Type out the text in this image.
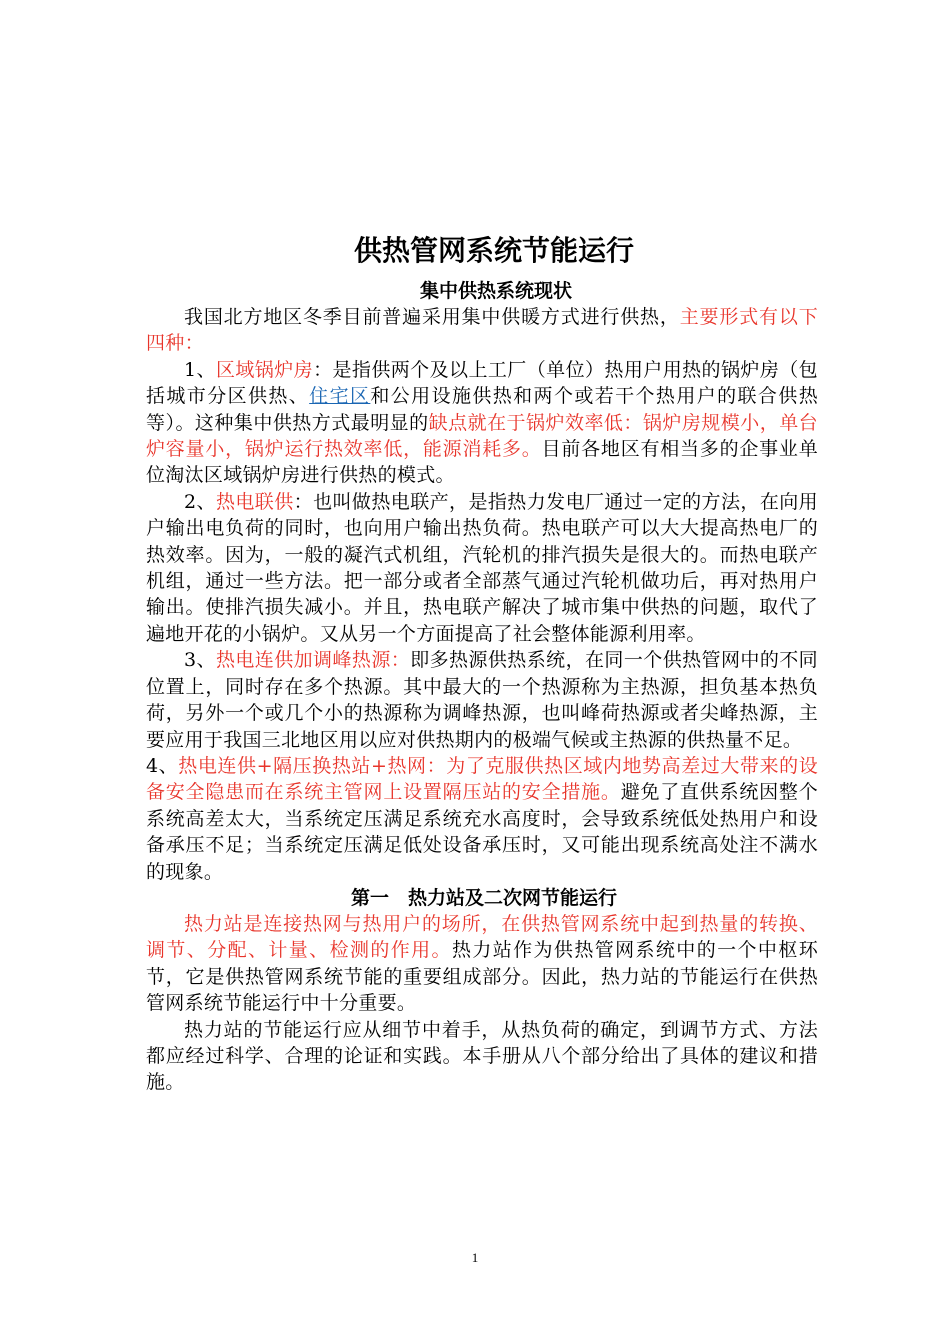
供热管网系统节能运行
集中供热系统现状

我国北方地区冬季目前普遍采用集中供暖方式进行供热，主要形式有以下四种：

1、区域锅炉房：是指供两个及以上工厂（单位）热用户用热的锅炉房（包括城市分区供热、住宅区和公用设施供热和两个或若干个热用户的联合供热等）。这种集中供热方式最明显的缺点就在于锅炉效率低：锅炉房规模小，单台炉容量小，锅炉运行热效率低，能源消耗多。目前各地区有相当多的企事业单位淘汰区域锅炉房进行供热的模式。

2、热电联供：也叫做热电联产，是指热力发电厂通过一定的方法，在向用户输出电负荷的同时，也向用户输出热负荷。热电联产可以大大提高热电厂的热效率。因为，一般的凝汽式机组，汽轮机的排汽损失是很大的。而热电联产机组，通过一些方法。把一部分或者全部蒸气通过汽轮机做功后，再对热用户输出。使排汽损失减小。并且，热电联产解决了城市集中供热的问题，取代了遍地开花的小锅炉。又从另一个方面提高了社会整体能源利用率。

3、热电连供加调峰热源：即多热源供热系统，在同一个供热管网中的不同位置上，同时存在多个热源。其中最大的一个热源称为主热源，担负基本热负荷，另外一个或几个小的热源称为调峰热源，也叫峰荷热源或者尖峰热源，主要应用于我国三北地区用以应对供热期内的极端气候或主热源的供热量不足。

4、热电连供+隔压换热站+热网：为了克服供热区域内地势高差过大带来的设备安全隐患而在系统主管网上设置隔压站的安全措施。避免了直供系统因整个系统高差太大，当系统定压满足系统充水高度时，会导致系统低处热用户和设备承压不足；当系统定压满足低处设备承压时，又可能出现系统高处注不满水的现象。

第一　热力站及二次网节能运行

热力站是连接热网与热用户的场所，在供热管网系统中起到热量的转换、调节、分配、计量、检测的作用。热力站作为供热管网系统中的一个中枢环节，它是供热管网系统节能的重要组成部分。因此，热力站的节能运行在供热管网系统节能运行中十分重要。

热力站的节能运行应从细节中着手，从热负荷的确定，到调节方式、方法都应经过科学、合理的论证和实践。本手册从八个部分给出了具体的建议和措施。

1
